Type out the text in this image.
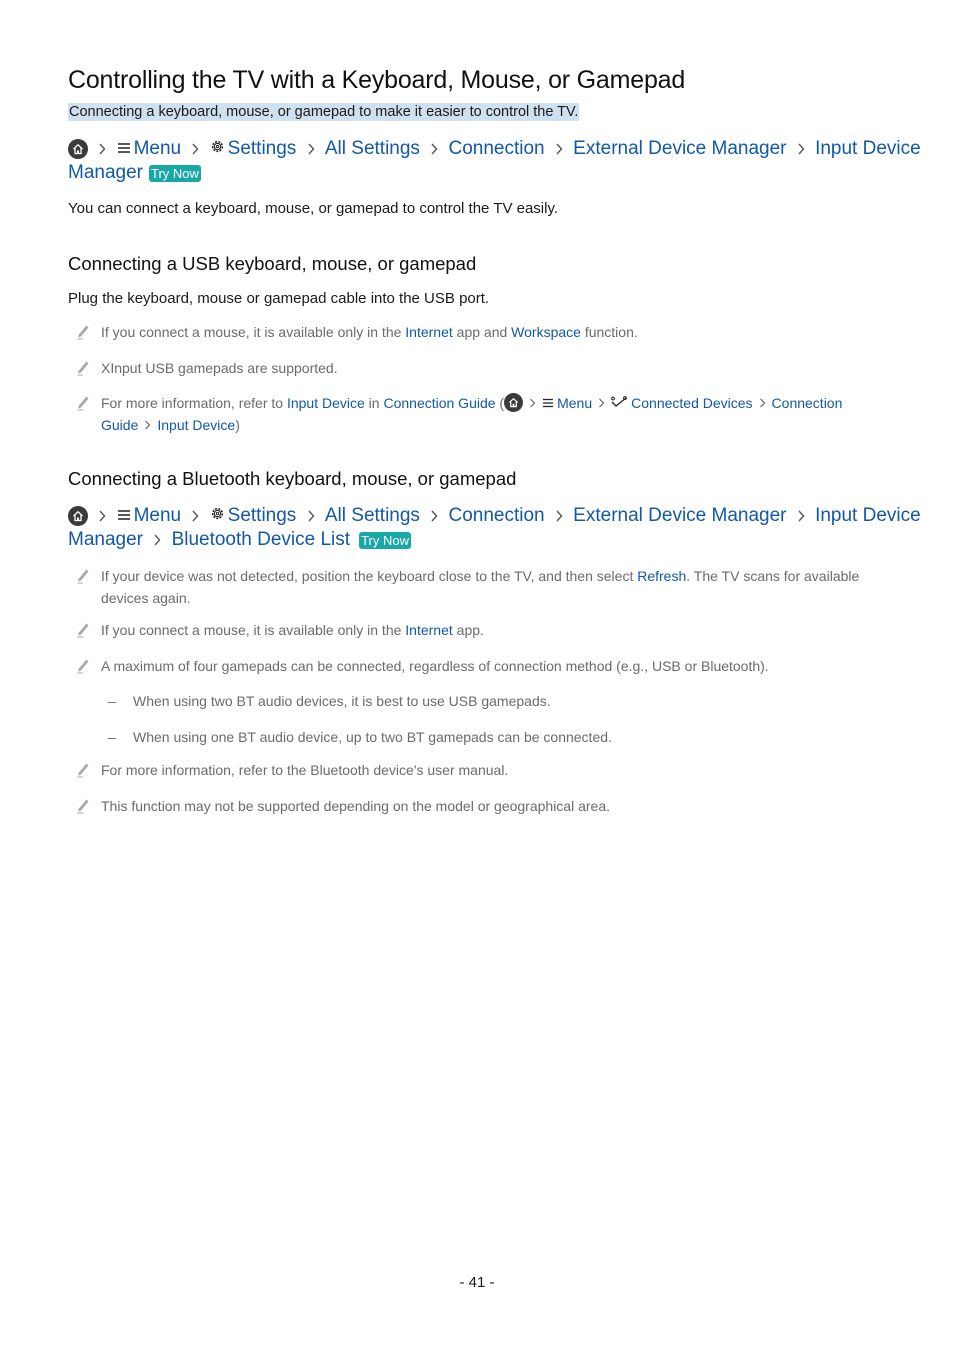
Controlling the TV with a Keyboard, Mouse, or Gamepad
Connecting a keyboard, mouse, or gamepad to make it easier to control the TV.

Menu Settings All Settings Connection External Device Manager Input Device
Manager Try Now
You can connect a keyboard, mouse, or gamepad to control the TV easily.
Connecting a USB keyboard, mouse, or gamepad
Plug the keyboard, mouse or gamepad cable into the USB port.
If you connect a mouse, it is available only in the Internet app and Workspace function.
XInput USB gamepads are supported.
For more information, refer to Input Device in Connection Guide (	Menu	Connected Devices Connection
Guide Input Device)
Connecting a Bluetooth keyboard, mouse, or gamepad

Menu Settings All Settings Connection External Device Manager Input Device
Manager Bluetooth Device List Try Now
If your device was not detected, position the keyboard close to the TV, and then select Refresh. The TV scans for available
devices again.
If you connect a mouse, it is available only in the Internet app.
A maximum of four gamepads can be connected, regardless of connection method (e.g., USB or Bluetooth).
– When using two BT audio devices, it is best to use USB gamepads.
– When using one BT audio device, up to two BT gamepads can be connected.
For more information, refer to the Bluetooth device's user manual.
This function may not be supported depending on the model or geographical area.
- 41 -
